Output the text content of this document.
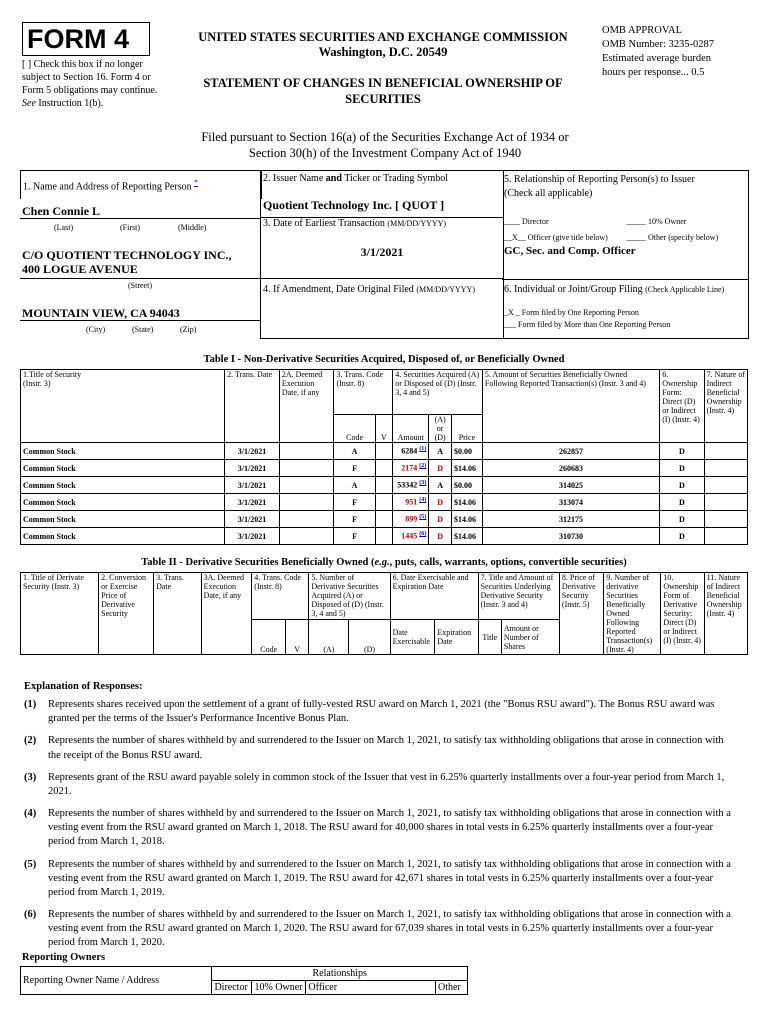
FORM 4
[ ] Check this box if no longer subject to Section 16. Form 4 or Form 5 obligations may continue. See Instruction 1(b).
UNITED STATES SECURITIES AND EXCHANGE COMMISSION
Washington, D.C. 20549
STATEMENT OF CHANGES IN BENEFICIAL OWNERSHIP OF SECURITIES
OMB APPROVAL
OMB Number: 3235-0287
Estimated average burden
hours per response... 0.5
Filed pursuant to Section 16(a) of the Securities Exchange Act of 1934 or
Section 30(h) of the Investment Company Act of 1940
1. Name and Address of Reporting Person *
Chen Connie L
(Last)	(First)	(Middle)
C/O QUOTIENT TECHNOLOGY INC., 400 LOGUE AVENUE
(Street)
MOUNTAIN VIEW, CA 94043
(City)	(State)	(Zip)
2. Issuer Name and Ticker or Trading Symbol
Quotient Technology Inc. [ QUOT ]
3. Date of Earliest Transaction (MM/DD/YYYY)
3/1/2021
4. If Amendment, Date Original Filed (MM/DD/YYYY)
5. Relationship of Reporting Person(s) to Issuer
(Check all applicable)
____ Director	_____ 10% Owner
__X__ Officer (give title below) _____ Other (specify below)
GC, Sec. and Comp. Officer
6. Individual or Joint/Group Filing (Check Applicable Line)
_X _ Form filed by One Reporting Person
___ Form filed by More than One Reporting Person
Table I - Non-Derivative Securities Acquired, Disposed of, or Beneficially Owned
1.Title of Security
(Instr. 3)	2. Trans. Date	2A. Deemed Execution Date, if any	3. Trans. Code (Instr. 8)		4. Securities Acquired (A) or Disposed of (D) (Instr. 3, 4 and 5)			5. Amount of Securities Beneficially Owned Following Reported Transaction(s) (Instr. 3 and 4)	6. Ownership Form: Direct (D) or Indirect (I) (Instr. 4)	7. Nature of Indirect Beneficial Ownership (Instr. 4)
			Code	V	Amount	(A) or (D)	Price			
Common Stock	3/1/2021		A		6284 $^{(1)}$	A	$0.00	262857	D	
Common Stock	3/1/2021		F		2174 $^{(2)}$	D	$14.06	260683	D	
Common Stock	3/1/2021		A		53342 $^{(3)}$	A	$0.00	314025	D	
Common Stock	3/1/2021		F		951 $^{(4)}$	D	$14.06	313074	D	
Common Stock	3/1/2021		F		899 $^{(5)}$	D	$14.06	312175	D	
Common Stock	3/1/2021		F		1445 $^{(6)}$	D	$14.06	310730	D	
Table II - Derivative Securities Beneficially Owned (e.g., puts, calls, warrants, options, convertible securities)
1. Title of Derivate Security (Instr. 3)	2. Conversion or Exercise Price of Derivative Security	3. Trans. Date	3A. Deemed Execution Date, if any	4. Trans. Code (Instr. 8)		5. Number of Derivative Securities Acquired (A) or Disposed of (D) (Instr. 3, 4 and 5)		6. Date Exercisable and Expiration Date		7. Title and Amount of Securities Underlying Derivative Security (Instr. 3 and 4)		8. Price of Derivative Security (Instr. 5)	9. Number of derivative Securities Beneficially Owned Following Reported Transaction(s) (Instr. 4)	10. Ownership Form of Derivative Security: Direct (D) or Indirect (I) (Instr. 4)	11. Nature of Indirect Beneficial Ownership (Instr. 4)
				Code	V	(A)	(D)	Date Exercisable	Expiration Date	Title	Amount or Number of Shares				
Explanation of Responses:

(1)	Represents shares received upon the settlement of a grant of fully-vested RSU award on March 1, 2021 (the "Bonus RSU award"). The Bonus RSU award was granted per the terms of the Issuer's Performance Incentive Bonus Plan.

(2)	Represents the number of shares withheld by and surrendered to the Issuer on March 1, 2021, to satisfy tax withholding obligations that arose in connection with the receipt of the Bonus RSU award.

(3)	Represents grant of the RSU award payable solely in common stock of the Issuer that vest in 6.25% quarterly installments over a four-year period from March 1, 2021.

(4)	Represents the number of shares withheld by and surrendered to the Issuer on March 1, 2021, to satisfy tax withholding obligations that arose in connection with a vesting event from the RSU award granted on March 1, 2018. The RSU award for 40,000 shares in total vests in 6.25% quarterly installments over a four-year period from March 1, 2018.

(5)	Represents the number of shares withheld by and surrendered to the Issuer on March 1, 2021, to satisfy tax withholding obligations that arose in connection with a vesting event from the RSU award granted on March 1, 2019. The RSU award for 42,671 shares in total vests in 6.25% quarterly installments over a four-year period from March 1, 2019.

(6)	Represents the number of shares withheld by and surrendered to the Issuer on March 1, 2021, to satisfy tax withholding obligations that arose in connection with a vesting event from the RSU award granted on March 1, 2020. The RSU award for 67,039 shares in total vests in 6.25% quarterly installments over a four-year period from March 1, 2020.

Reporting Owners
Reporting Owner Name / Address	Relationships			
	Director	10% Owner	Officer	Other
